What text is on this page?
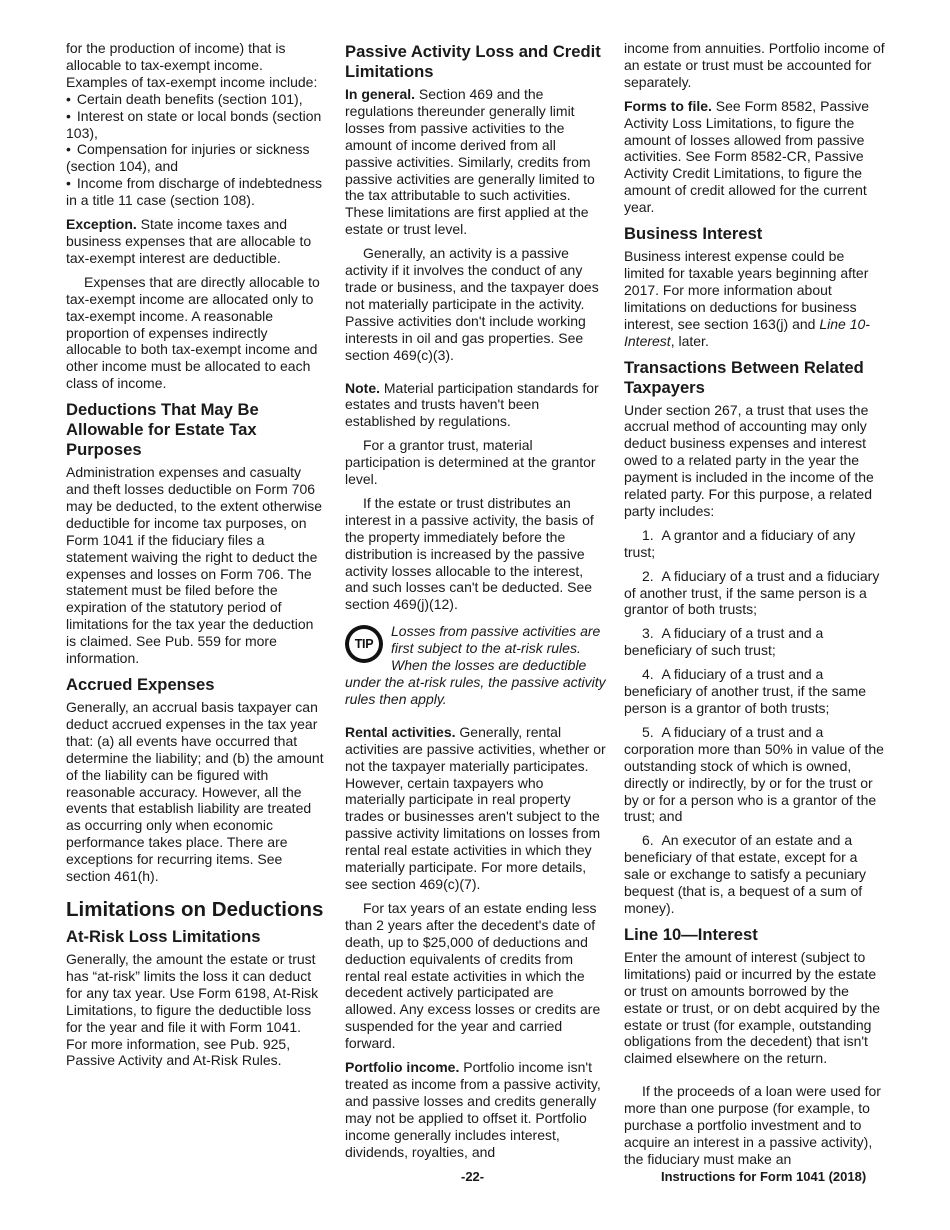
for the production of income) that is allocable to tax-exempt income. Examples of tax-exempt income include:

• Certain death benefits (section 101),
• Interest on state or local bonds (section 103),
• Compensation for injuries or sickness (section 104), and
• Income from discharge of indebtedness in a title 11 case (section 108).

Exception. State income taxes and business expenses that are allocable to tax-exempt interest are deductible.

Expenses that are directly allocable to tax-exempt income are allocated only to tax-exempt income. A reasonable proportion of expenses indirectly allocable to both tax-exempt income and other income must be allocated to each class of income.

Deductions That May Be Allowable for Estate Tax Purposes

Administration expenses and casualty and theft losses deductible on Form 706 may be deducted, to the extent otherwise deductible for income tax purposes, on Form 1041 if the fiduciary files a statement waiving the right to deduct the expenses and losses on Form 706. The statement must be filed before the expiration of the statutory period of limitations for the tax year the deduction is claimed. See Pub. 559 for more information.

Accrued Expenses

Generally, an accrual basis taxpayer can deduct accrued expenses in the tax year that: (a) all events have occurred that determine the liability; and (b) the amount of the liability can be figured with reasonable accuracy. However, all the events that establish liability are treated as occurring only when economic performance takes place. There are exceptions for recurring items. See section 461(h).

Limitations on Deductions
At-Risk Loss Limitations

Generally, the amount the estate or trust has “at-risk” limits the loss it can deduct for any tax year. Use Form 6198, At-Risk Limitations, to figure the deductible loss for the year and file it with Form 1041. For more information, see Pub. 925, Passive Activity and At-Risk Rules.

Passive Activity Loss and Credit Limitations

In general. Section 469 and the regulations thereunder generally limit losses from passive activities to the amount of income derived from all passive activities. Similarly, credits from passive activities are generally limited to the tax attributable to such activities. These limitations are first applied at the estate or trust level.

Generally, an activity is a passive activity if it involves the conduct of any trade or business, and the taxpayer does not materially participate in the activity. Passive activities don't include working interests in oil and gas properties. See section 469(c)(3).

Note. Material participation standards for estates and trusts haven't been established by regulations.

For a grantor trust, material participation is determined at the grantor level.

If the estate or trust distributes an interest in a passive activity, the basis of the property immediately before the distribution is increased by the passive activity losses allocable to the interest, and such losses can't be deducted. See section 469(j)(12).

TIP
Losses from passive activities are first subject to the at-risk rules. When the losses are deductible under the at-risk rules, the passive activity rules then apply.

Rental activities. Generally, rental activities are passive activities, whether or not the taxpayer materially participates. However, certain taxpayers who materially participate in real property trades or businesses aren't subject to the passive activity limitations on losses from rental real estate activities in which they materially participate. For more details, see section 469(c)(7).

For tax years of an estate ending less than 2 years after the decedent's date of death, up to $25,000 of deductions and deduction equivalents of credits from rental real estate activities in which the decedent actively participated are allowed. Any excess losses or credits are suspended for the year and carried forward.

Portfolio income. Portfolio income isn't treated as income from a passive activity, and passive losses and credits generally may not be applied to offset it. Portfolio income generally includes interest, dividends, royalties, and

income from annuities. Portfolio income of an estate or trust must be accounted for separately.

Forms to file. See Form 8582, Passive Activity Loss Limitations, to figure the amount of losses allowed from passive activities. See Form 8582-CR, Passive Activity Credit Limitations, to figure the amount of credit allowed for the current year.

Business Interest

Business interest expense could be limited for taxable years beginning after 2017. For more information about limitations on deductions for business interest, see section 163(j) and Line 10-Interest, later.

Transactions Between Related Taxpayers

Under section 267, a trust that uses the accrual method of accounting may only deduct business expenses and interest owed to a related party in the year the payment is included in the income of the related party. For this purpose, a related party includes:

1.  A grantor and a fiduciary of any trust;

2.  A fiduciary of a trust and a fiduciary of another trust, if the same person is a grantor of both trusts;

3.  A fiduciary of a trust and a beneficiary of such trust;

4.  A fiduciary of a trust and a beneficiary of another trust, if the same person is a grantor of both trusts;

5.  A fiduciary of a trust and a corporation more than 50% in value of the outstanding stock of which is owned, directly or indirectly, by or for the trust or by or for a person who is a grantor of the trust; and

6.  An executor of an estate and a beneficiary of that estate, except for a sale or exchange to satisfy a pecuniary bequest (that is, a bequest of a sum of money).

Line 10—Interest

Enter the amount of interest (subject to limitations) paid or incurred by the estate or trust on amounts borrowed by the estate or trust, or on debt acquired by the estate or trust (for example, outstanding obligations from the decedent) that isn't claimed elsewhere on the return.

If the proceeds of a loan were used for more than one purpose (for example, to purchase a portfolio investment and to acquire an interest in a passive activity), the fiduciary must make an

-22-	Instructions for Form 1041 (2018)
